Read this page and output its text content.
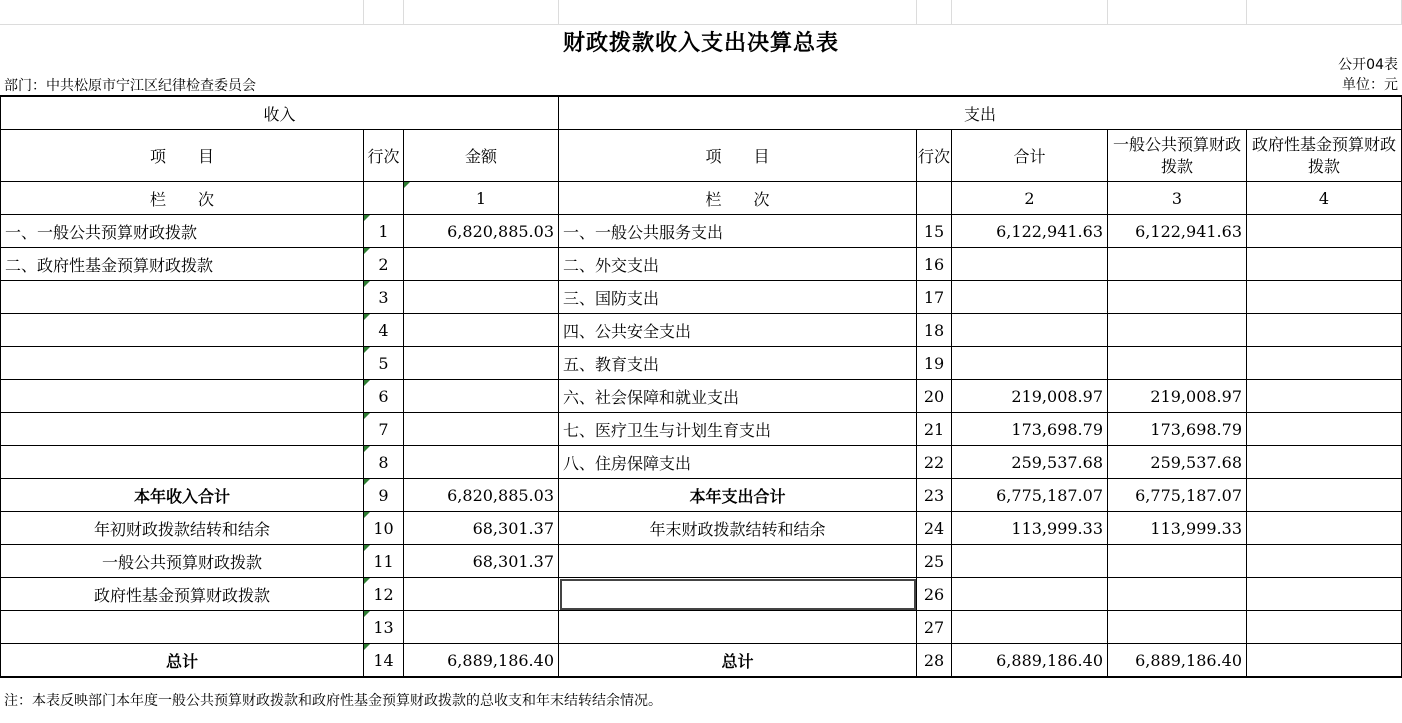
财政拨款收入支出决算总表
公开04表
部门：中共松原市宁江区纪律检查委员会	单位：元
收入			支出				
项　　目	行次	金额	项　　目	行次	合计	一般公共预算财政拨款	政府性基金预算财政拨款
栏　　次		1	栏　　次		2	3	4
一、一般公共预算财政拨款	1	6,820,885.03	一、一般公共服务支出	15	6,122,941.63	6,122,941.63	
二、政府性基金预算财政拨款	2		二、外交支出	16			
	3		三、国防支出	17			
	4		四、公共安全支出	18			
	5		五、教育支出	19			
	6		六、社会保障和就业支出	20	219,008.97	219,008.97	
	7		七、医疗卫生与计划生育支出	21	173,698.79	173,698.79	
	8		八、住房保障支出	22	259,537.68	259,537.68	
本年收入合计	9	6,820,885.03	本年支出合计	23	6,775,187.07	6,775,187.07	
年初财政拨款结转和结余	10	68,301.37	年末财政拨款结转和结余	24	113,999.33	113,999.33	
一般公共预算财政拨款	11	68,301.37		25			
政府性基金预算财政拨款	12			26			
	13			27			
总计	14	6,889,186.40	总计	28	6,889,186.40	6,889,186.40	
注：本表反映部门本年度一般公共预算财政拨款和政府性基金预算财政拨款的总收支和年末结转结余情况。
